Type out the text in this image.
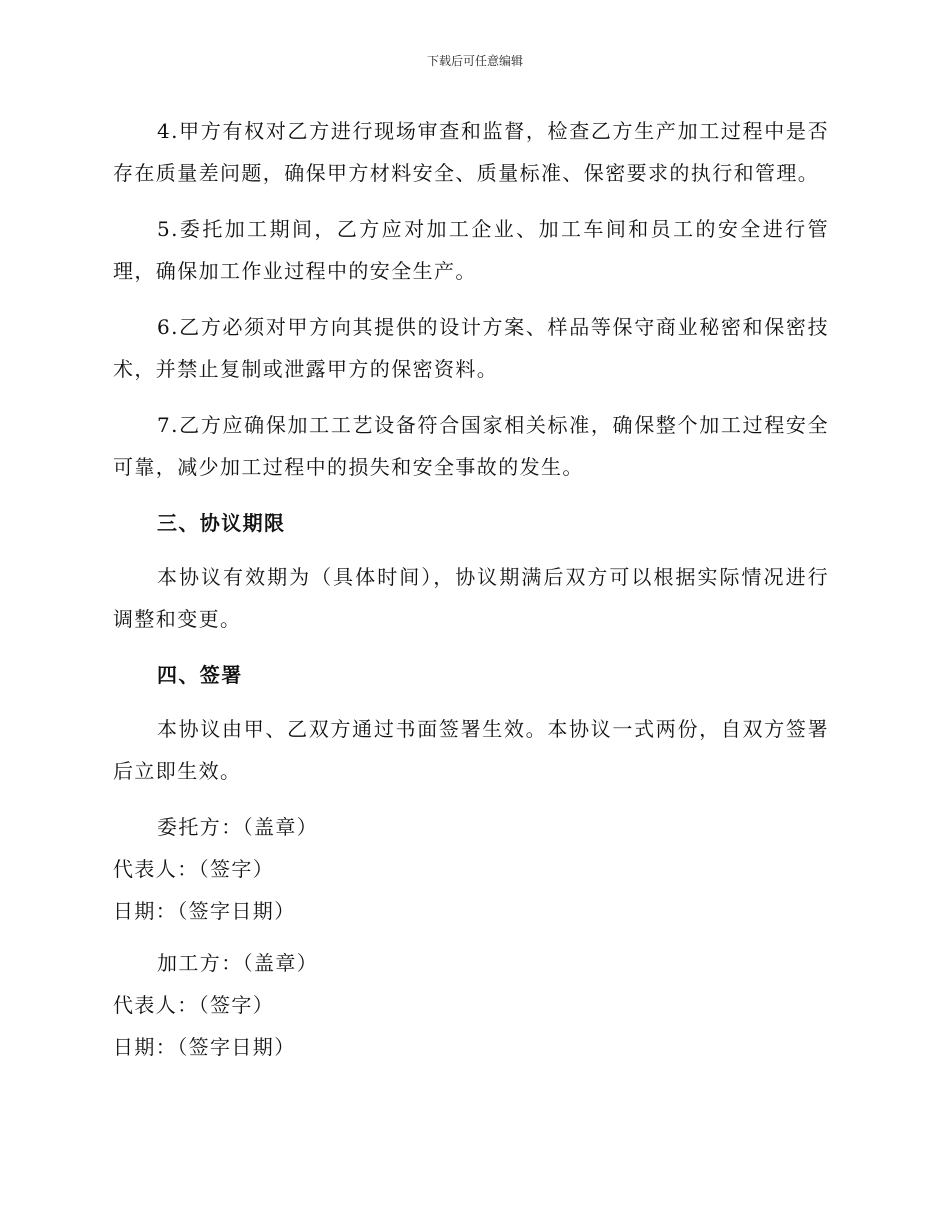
下载后可任意编辑

4.甲方有权对乙方进行现场审查和监督，检查乙方生产加工过程中是否存在质量差问题，确保甲方材料安全、质量标准、保密要求的执行和管理。

5.委托加工期间，乙方应对加工企业、加工车间和员工的安全进行管理，确保加工作业过程中的安全生产。

6.乙方必须对甲方向其提供的设计方案、样品等保守商业秘密和保密技术，并禁止复制或泄露甲方的保密资料。

7.乙方应确保加工工艺设备符合国家相关标准，确保整个加工过程安全可靠，减少加工过程中的损失和安全事故的发生。

三、协议期限

本协议有效期为（具体时间），协议期满后双方可以根据实际情况进行调整和变更。

四、签署

本协议由甲、乙双方通过书面签署生效。本协议一式两份，自双方签署后立即生效。

委托方：（盖章）

代表人：（签字）

日期：（签字日期）

加工方：（盖章）

代表人：（签字）

日期：（签字日期）
